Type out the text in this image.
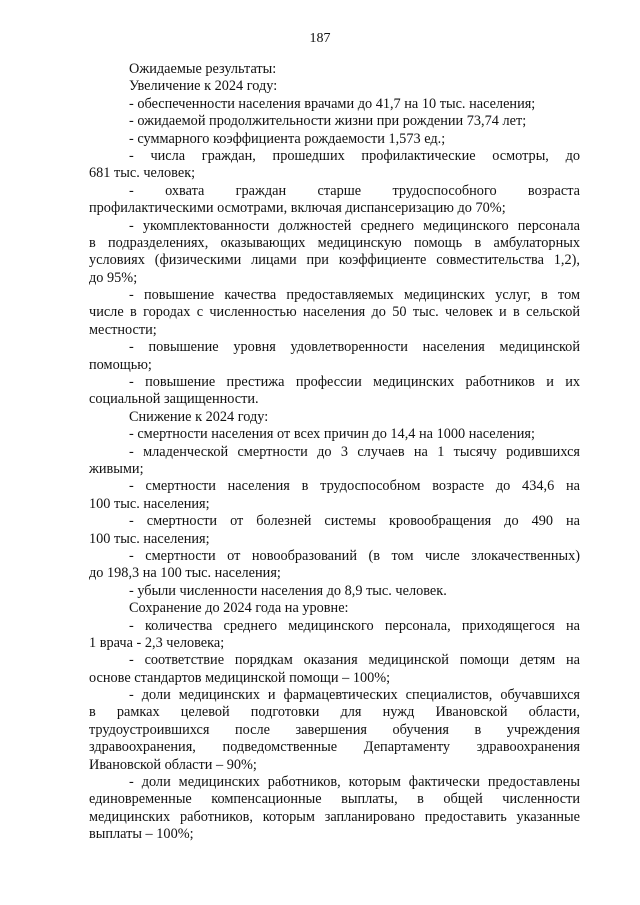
187
Ожидаемые результаты:
Увеличение к 2024 году:
- обеспеченности населения врачами до 41,7 на 10 тыс. населения;
- ожидаемой продолжительности жизни при рождении 73,74 лет;
- суммарного коэффициента рождаемости 1,573 ед.;
- числа граждан, прошедших профилактические осмотры, до
681 тыс. человек;
- охвата граждан старше трудоспособного возраста
профилактическими осмотрами, включая диспансеризацию до 70%;
- укомплектованности должностей среднего медицинского персонала
в подразделениях, оказывающих медицинскую помощь в амбулаторных
условиях (физическими лицами при коэффициенте совместительства 1,2),
до 95%;
- повышение качества предоставляемых медицинских услуг, в том
числе в городах с численностью населения до 50 тыс. человек и в сельской
местности;
- повышение уровня удовлетворенности населения медицинской
помощью;
- повышение престижа профессии медицинских работников и их
социальной защищенности.
Снижение к 2024 году:
- смертности населения от всех причин до 14,4 на 1000 населения;
- младенческой смертности до 3 случаев на 1 тысячу родившихся
живыми;
- смертности населения в трудоспособном возрасте до 434,6 на
100 тыс. населения;
- смертности от болезней системы кровообращения до 490 на
100 тыс. населения;
- смертности от новообразований (в том числе злокачественных)
до 198,3 на 100 тыс. населения;
- убыли численности населения до 8,9 тыс. человек.
Сохранение до 2024 года на уровне:
- количества среднего медицинского персонала, приходящегося на
1 врача - 2,3 человека;
- соответствие порядкам оказания медицинской помощи детям на
основе стандартов медицинской помощи – 100%;
- доли медицинских и фармацевтических специалистов, обучавшихся
в рамках целевой подготовки для нужд Ивановской области,
трудоустроившихся после завершения обучения в учреждения
здравоохранения, подведомственные Департаменту здравоохранения
Ивановской области – 90%;
- доли медицинских работников, которым фактически предоставлены
единовременные компенсационные выплаты, в общей численности
медицинских работников, которым запланировано предоставить указанные
выплаты – 100%;
